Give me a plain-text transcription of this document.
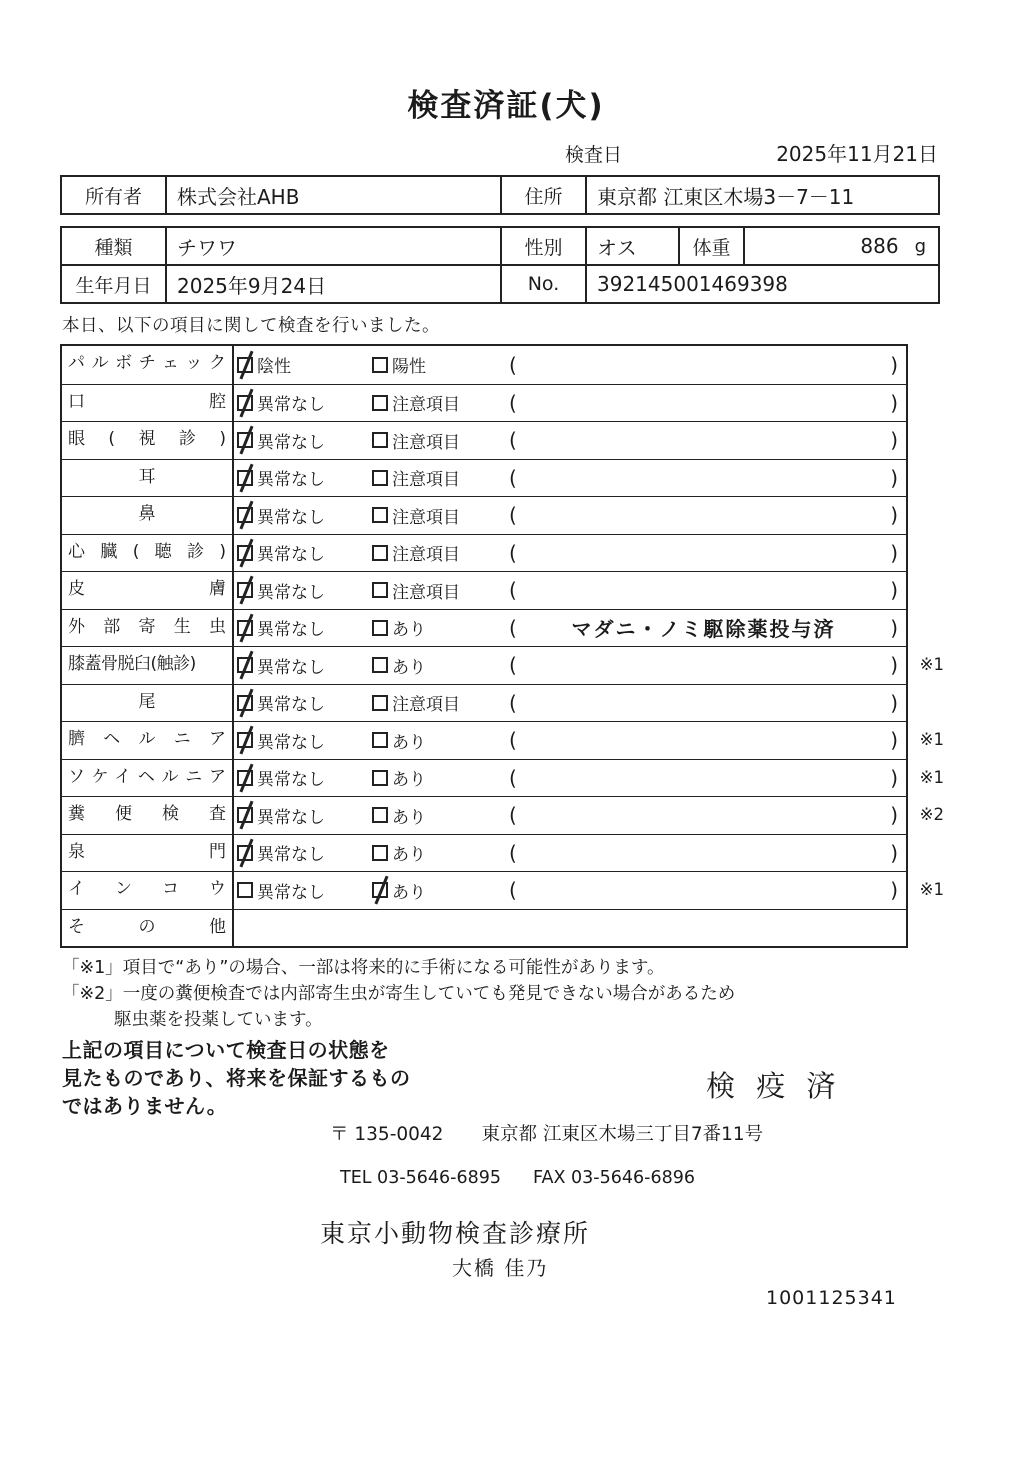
検査済証(犬)
検査日	2025年11月21日
所有者	株式会社AHB	住所	東京都 江東区木場3－7－11
種類	チワワ	性別	オス	体重	886 g
生年月日	2025年9月24日	No.	392145001469398
本日、以下の項目に関して検査を行いました。
パルボチェック	陰性	陽性	(	)
口腔	異常なし	注意項目 (	)
眼(視診)	異常なし	注意項目 (	)
耳	異常なし	注意項目 (	)
鼻	異常なし	注意項目 (	)
心臓(聴診)	異常なし	注意項目 (	)
皮膚	異常なし	注意項目 (	)
外部寄生虫	異常なし	あり	(	マダニ・ノミ駆除薬投与済	)
膝蓋骨脱臼(触診)	異常なし	あり	(	) ※1
尾	異常なし	注意項目 (	)
臍ヘルニア	異常なし	あり	(	) ※1
ソケイヘルニア	異常なし	あり	(	) ※1
糞便検査	異常なし	あり	(	) ※2
泉門	異常なし	あり	(	)
インコウ	異常なし	あり	(	) ※1
その他
「※1」項目で“あり”の場合、一部は将来的に手術になる可能性があります。
「※2」一度の糞便検査では内部寄生虫が寄生していても発見できない場合があるため
駆虫薬を投薬しています。
上記の項目について検査日の状態を
見たものであり、将来を保証するもの
ではありません。
検 疫 済
〒 135-0042 東京都 江東区木場三丁目7番11号
TEL 03-5646-6895 FAX 03-5646-6896
東京小動物検査診療所
大橋 佳乃
1001125341
